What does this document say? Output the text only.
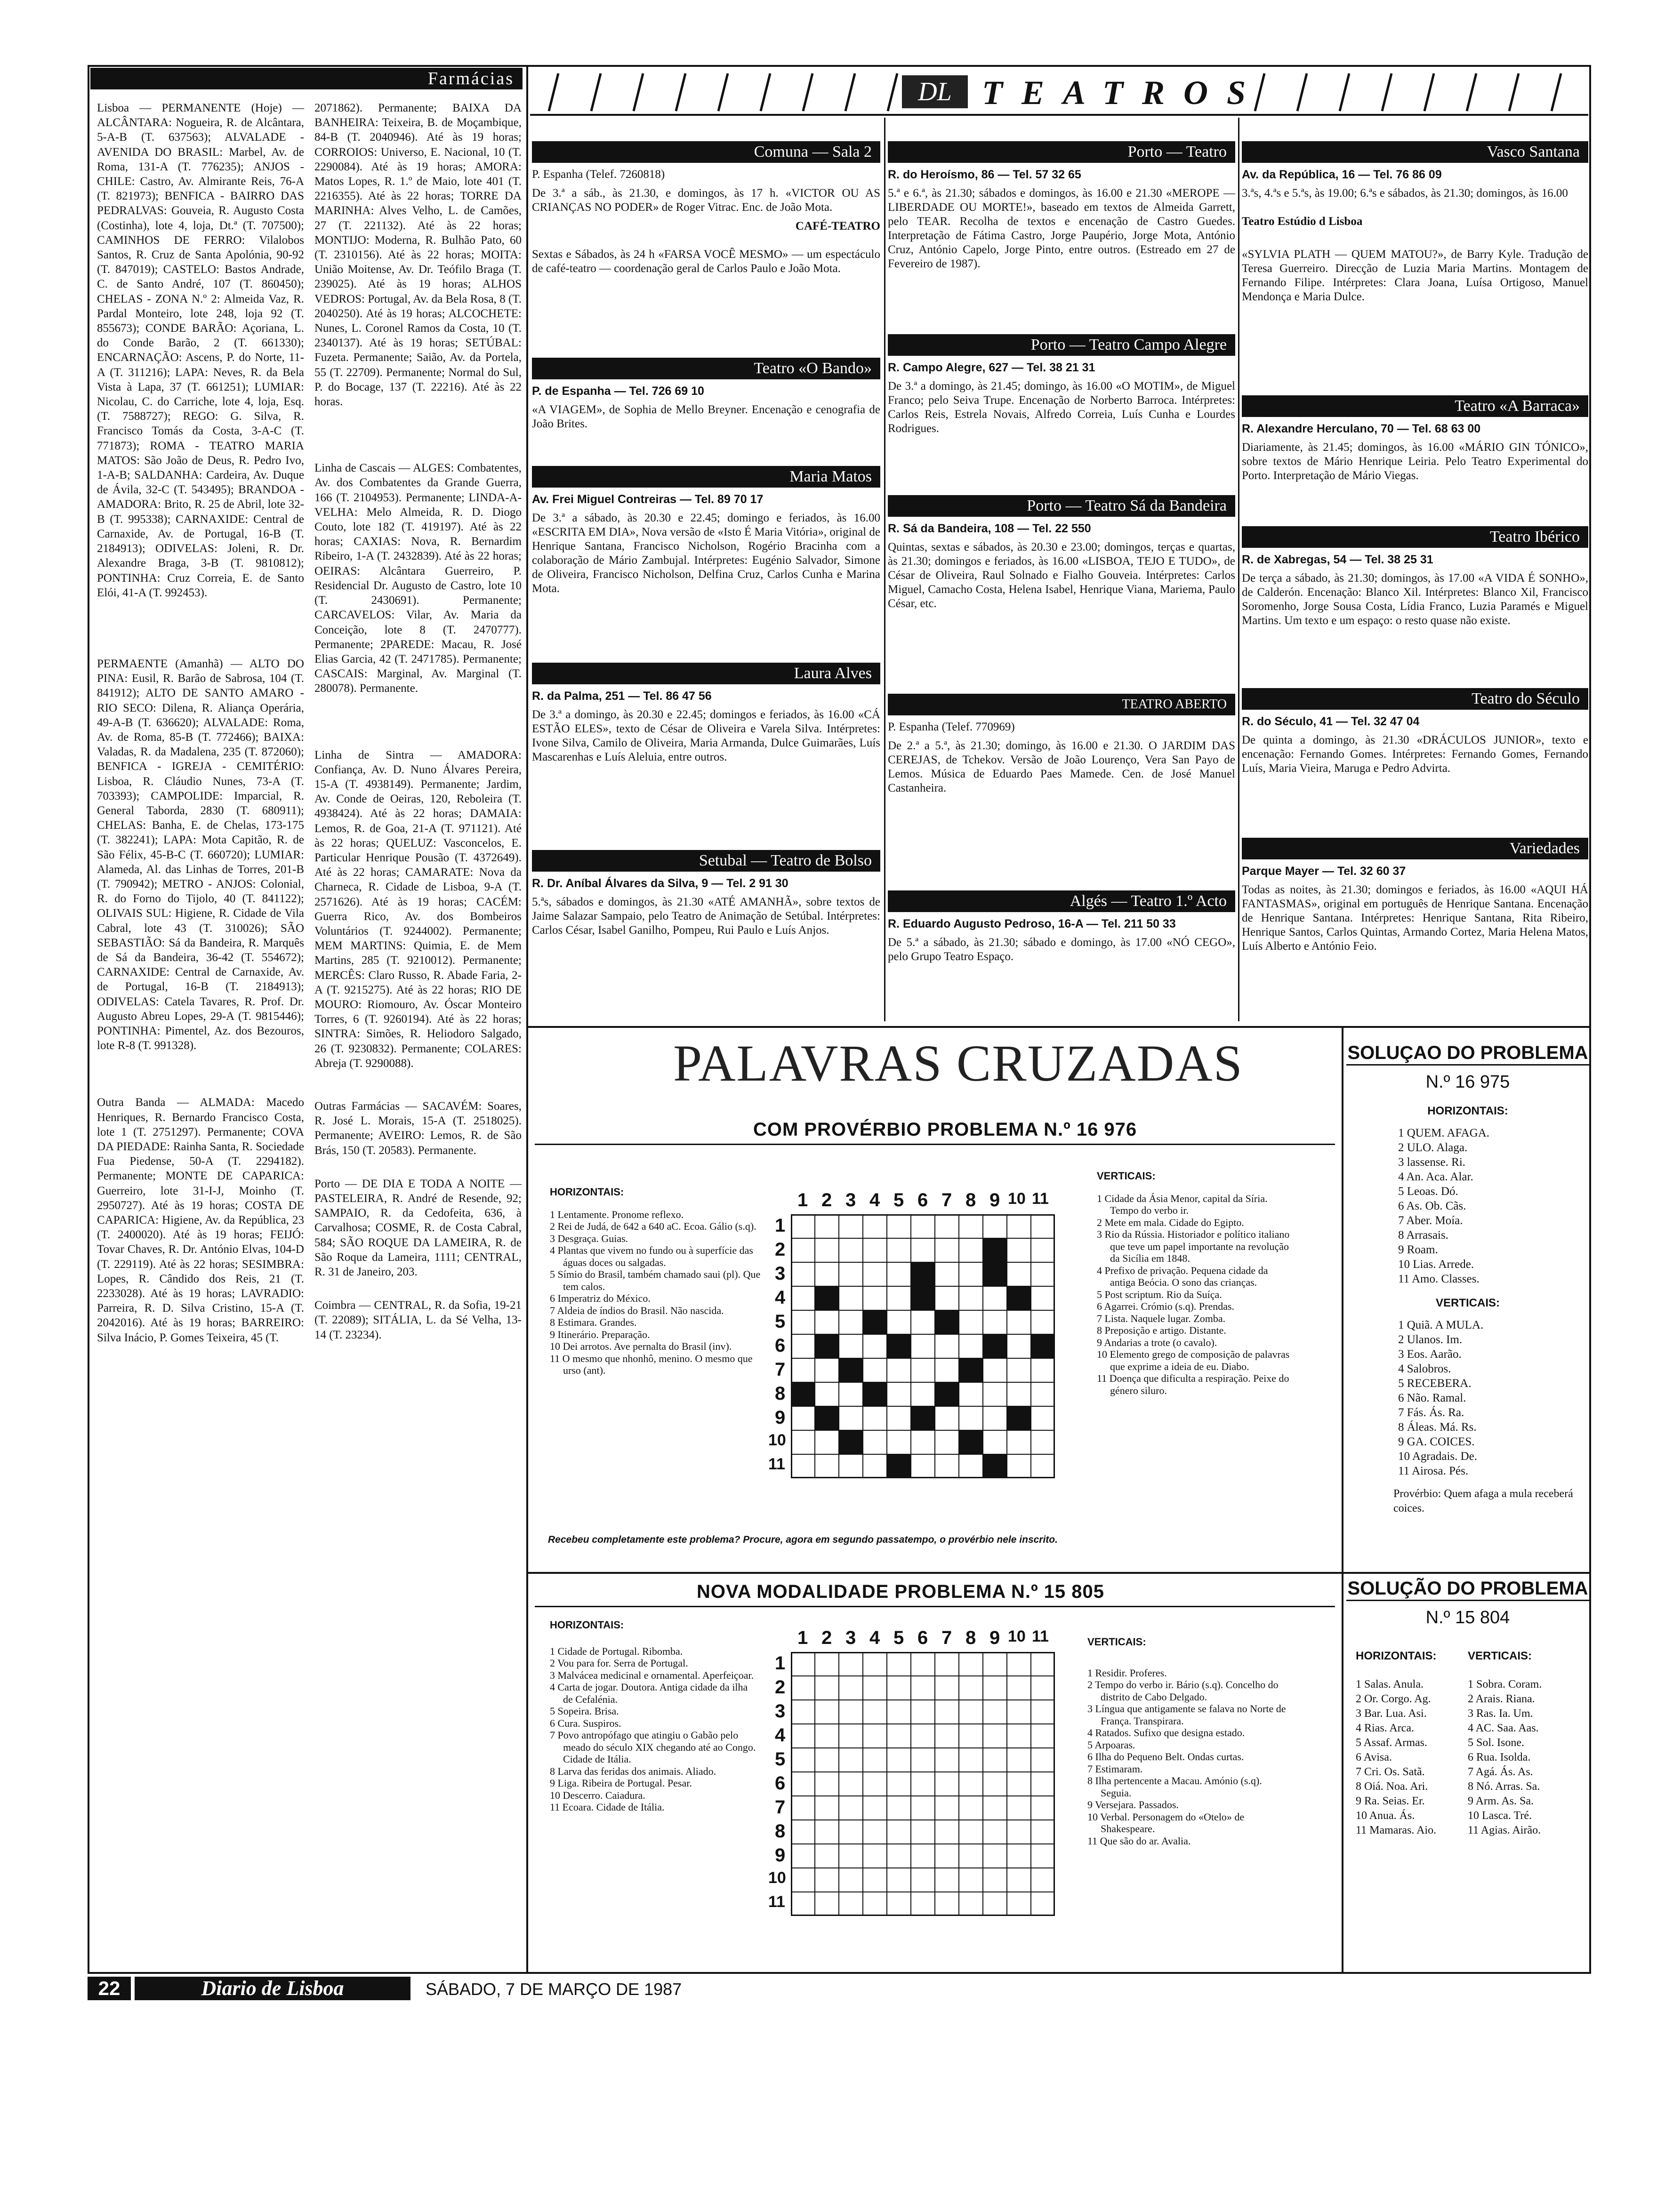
Farmácias

Lisboa — PERMANENTE (Hoje) — ALCÂNTARA: Nogueira, R. de Alcântara, 5-A-B (T. 637563); ALVALADE - AVENIDA DO BRASIL: Marbel, Av. de Roma, 131-A (T. 776235); ANJOS - CHILE: Castro, Av. Almirante Reis, 76-A (T. 821973); BENFICA - BAIRRO DAS PEDRALVAS: Gouveia, R. Augusto Costa (Costinha), lote 4, loja, Dt.ª (T. 707500); CAMINHOS DE FERRO: Vilalobos Santos, R. Cruz de Santa Apolónia, 90-92 (T. 847019); CASTELO: Bastos Andrade, C. de Santo André, 107 (T. 860450); CHELAS - ZONA N.º 2: Almeida Vaz, R. Pardal Monteiro, lote 248, loja 92 (T. 855673); CONDE BARÃO: Açoriana, L. do Conde Barão, 2 (T. 661330); ENCARNAÇÃO: Ascens, P. do Norte, 11-A (T. 311216); LAPA: Neves, R. da Bela Vista à Lapa, 37 (T. 661251); LUMIAR: Nicolau, C. do Carriche, lote 4, loja, Esq. (T. 7588727); REGO: G. Silva, R. Francisco Tomás da Costa, 3-A-C (T. 771873); ROMA - TEATRO MARIA MATOS: São João de Deus, R. Pedro Ivo, 1-A-B; SALDANHA: Cardeira, Av. Duque de Ávila, 32-C (T. 543495); BRANDOA - AMADORA: Brito, R. 25 de Abril, lote 32-B (T. 995338); CARNAXIDE: Central de Carnaxide, Av. de Portugal, 16-B (T. 2184913); ODIVELAS: Joleni, R. Dr. Alexandre Braga, 3-B (T. 9810812); PONTINHA: Cruz Correia, E. de Santo Elói, 41-A (T. 992453).

PERMAENTE (Amanhã) — ALTO DO PINA: Eusil, R. Barão de Sabrosa, 104 (T. 841912); ALTO DE SANTO AMARO - RIO SECO: Dilena, R. Aliança Operária, 49-A-B (T. 636620); ALVALADE: Roma, Av. de Roma, 85-B (T. 772466); BAIXA: Valadas, R. da Madalena, 235 (T. 872060); BENFICA - IGREJA - CEMITÉRIO: Lisboa, R. Cláudio Nunes, 73-A (T. 703393); CAMPOLIDE: Imparcial, R. General Taborda, 2830 (T. 680911); CHELAS: Banha, E. de Chelas, 173-175 (T. 382241); LAPA: Mota Capitão, R. de São Félix, 45-B-C (T. 660720); LUMIAR: Alameda, Al. das Linhas de Torres, 201-B (T. 790942); METRO - ANJOS: Colonial, R. do Forno do Tijolo, 40 (T. 841122); OLIVAIS SUL: Higiene, R. Cidade de Vila Cabral, lote 43 (T. 310026); SÃO SEBASTIÃO: Sá da Bandeira, R. Marquês de Sá da Bandeira, 36-42 (T. 554672); CARNAXIDE: Central de Carnaxide, Av. de Portugal, 16-B (T. 2184913); ODIVELAS: Catela Tavares, R. Prof. Dr. Augusto Abreu Lopes, 29-A (T. 9815446); PONTINHA: Pimentel, Az. dos Bezouros, lote R-8 (T. 991328).

Outra Banda — ALMADA: Macedo Henriques, R. Bernardo Francisco Costa, lote 1 (T. 2751297). Permanente; COVA DA PIEDADE: Rainha Santa, R. Sociedade Fua Piedense, 50-A (T. 2294182). Permanente; MONTE DE CAPARICA: Guerreiro, lote 31-I-J, Moinho (T. 2950727). Até às 19 horas; COSTA DE CAPARICA: Higiene, Av. da República, 23 (T. 2400020). Até às 19 horas; FEIJÓ: Tovar Chaves, R. Dr. António Elvas, 104-D (T. 229119). Até às 22 horas; SESIMBRA: Lopes, R. Cândido dos Reis, 21 (T. 2233028). Até às 19 horas; LAVRADIO: Parreira, R. D. Silva Cristino, 15-A (T. 2042016). Até às 19 horas; BARREIRO: Silva Inácio, P. Gomes Teixeira, 45 (T.

2071862). Permanente; BAIXA DA BANHEIRA: Teixeira, B. de Moçambique, 84-B (T. 2040946). Até às 19 horas; CORROIOS: Universo, E. Nacional, 10 (T. 2290084). Até às 19 horas; AMORA: Matos Lopes, R. 1.º de Maio, lote 401 (T. 2216355). Até às 22 horas; TORRE DA MARINHA: Alves Velho, L. de Camões, 27 (T. 221132). Até às 22 horas; MONTIJO: Moderna, R. Bulhão Pato, 60 (T. 2310156). Até às 22 horas; MOITA: União Moitense, Av. Dr. Teófilo Braga (T. 239025). Até às 19 horas; ALHOS VEDROS: Portugal, Av. da Bela Rosa, 8 (T. 2040250). Até às 19 horas; ALCOCHETE: Nunes, L. Coronel Ramos da Costa, 10 (T. 2340137). Até às 19 horas; SETÚBAL: Fuzeta. Permanente; Saião, Av. da Portela, 55 (T. 22709). Permanente; Normal do Sul, P. do Bocage, 137 (T. 22216). Até às 22 horas.

Linha de Cascais — ALGES: Combatentes, Av. dos Combatentes da Grande Guerra, 166 (T. 2104953). Permanente; LINDA-A-VELHA: Melo Almeida, R. D. Diogo Couto, lote 182 (T. 419197). Até às 22 horas; CAXIAS: Nova, R. Bernardim Ribeiro, 1-A (T. 2432839). Até às 22 horas; OEIRAS: Alcântara Guerreiro, P. Residencial Dr. Augusto de Castro, lote 10 (T. 2430691). Permanente; CARCAVELOS: Vilar, Av. Maria da Conceição, lote 8 (T. 2470777). Permanente; 2PAREDE: Macau, R. José Elias Garcia, 42 (T. 2471785). Permanente; CASCAIS: Marginal, Av. Marginal (T. 280078). Permanente.

Linha de Sintra — AMADORA: Confiança, Av. D. Nuno Álvares Pereira, 15-A (T. 4938149). Permanente; Jardim, Av. Conde de Oeiras, 120, Reboleira (T. 4938424). Até às 22 horas; DAMAIA: Lemos, R. de Goa, 21-A (T. 971121). Até às 22 horas; QUELUZ: Vasconcelos, E. Particular Henrique Pousão (T. 4372649). Até às 22 horas; CAMARATE: Nova da Charneca, R. Cidade de Lisboa, 9-A (T. 2571626). Até às 19 horas; CACÉM: Guerra Rico, Av. dos Bombeiros Voluntários (T. 9244002). Permanente; MEM MARTINS: Quimia, E. de Mem Martins, 285 (T. 9210012). Permanente; MERCÊS: Claro Russo, R. Abade Faria, 2-A (T. 9215275). Até às 22 horas; RIO DE MOURO: Riomouro, Av. Óscar Monteiro Torres, 6 (T. 9260194). Até às 22 horas; SINTRA: Simões, R. Heliodoro Salgado, 26 (T. 9230832). Permanente; COLARES: Abreja (T. 9290088).

Outras Farmácias — SACAVÉM: Soares, R. José L. Morais, 15-A (T. 2518025). Permanente; AVEIRO: Lemos, R. de São Brás, 150 (T. 20583). Permanente.

Porto — DE DIA E TODA A NOITE — PASTELEIRA, R. André de Resende, 92; SAMPAIO, R. da Cedofeita, 636, à Carvalhosa; COSME, R. de Costa Cabral, 584; SÃO ROQUE DA LAMEIRA, R. de São Roque da Lameira, 1111; CENTRAL, R. 31 de Janeiro, 203.

Coimbra — CENTRAL, R. da Sofia, 19-21 (T. 22089); SITÁLIA, L. da Sé Velha, 13-14 (T. 23234).

DL TEATROS
Comuna — Sala 2
P. Espanha (Telef. 7260818)
De 3.ª a sáb., às 21.30, e domingos, às 17 h. «VICTOR OU AS CRIANÇAS NO PODER» de Roger Vitrac. Enc. de João Mota.
CAFÉ-TEATRO
Sextas e Sábados, às 24 h «FARSA VOCÊ MESMO» — um espectáculo de café-teatro — coordenação geral de Carlos Paulo e João Mota.
Teatro «O Bando»
P. de Espanha — Tel. 726 69 10
«A VIAGEM», de Sophia de Mello Breyner. Encenação e cenografia de João Brites.
Maria Matos
Av. Frei Miguel Contreiras — Tel. 89 70 17
De 3.ª a sábado, às 20.30 e 22.45; domingo e feriados, às 16.00 «ESCRITA EM DIA», Nova versão de «Isto É Maria Vitória», original de Henrique Santana, Francisco Nicholson, Rogério Bracinha com a colaboração de Mário Zambujal. Intérpretes: Eugénio Salvador, Simone de Oliveira, Francisco Nicholson, Delfina Cruz, Carlos Cunha e Marina Mota.
Laura Alves
R. da Palma, 251 — Tel. 86 47 56
De 3.ª a domingo, às 20.30 e 22.45; domingos e feriados, às 16.00 «CÁ ESTÃO ELES», texto de César de Oliveira e Varela Silva. Intérpretes: Ivone Silva, Camilo de Oliveira, Maria Armanda, Dulce Guimarães, Luís Mascarenhas e Luís Aleluia, entre outros.
Setubal — Teatro de Bolso
R. Dr. Aníbal Álvares da Silva, 9 — Tel. 2 91 30
5.ªs, sábados e domingos, às 21.30 «ATÉ AMANHÃ», sobre textos de Jaime Salazar Sampaio, pelo Teatro de Animação de Setúbal. Intérpretes: Carlos César, Isabel Ganilho, Pompeu, Rui Paulo e Luís Anjos.
Porto — Teatro
R. do Heroísmo, 86 — Tel. 57 32 65
5.ª e 6.ª, às 21.30; sábados e domingos, às 16.00 e 21.30 «MEROPE — LIBERDADE OU MORTE!», baseado em textos de Almeida Garrett, pelo TEAR. Recolha de textos e encenação de Castro Guedes. Interpretação de Fátima Castro, Jorge Paupério, Jorge Mota, António Cruz, António Capelo, Jorge Pinto, entre outros. (Estreado em 27 de Fevereiro de 1987).
Porto — Teatro Campo Alegre
R. Campo Alegre, 627 — Tel. 38 21 31
De 3.ª a domingo, às 21.45; domingo, às 16.00 «O MOTIM», de Miguel Franco; pelo Seiva Trupe. Encenação de Norberto Barroca. Intérpretes: Carlos Reis, Estrela Novais, Alfredo Correia, Luís Cunha e Lourdes Rodrigues.
Porto — Teatro Sá da Bandeira
R. Sá da Bandeira, 108 — Tel. 22 550
Quintas, sextas e sábados, às 20.30 e 23.00; domingos, terças e quartas, às 21.30; domingos e feriados, às 16.00 «LISBOA, TEJO E TUDO», de César de Oliveira, Raul Solnado e Fialho Gouveia. Intérpretes: Carlos Miguel, Camacho Costa, Helena Isabel, Henrique Viana, Mariema, Paulo César, etc.
TEATRO ABERTO
P. Espanha (Telef. 770969)
De 2.ª a 5.ª, às 21.30; domingo, às 16.00 e 21.30. O JARDIM DAS CEREJAS, de Tchekov. Versão de João Lourenço, Vera San Payo de Lemos. Música de Eduardo Paes Mamede. Cen. de José Manuel Castanheira.
Algés — Teatro 1.º Acto
R. Eduardo Augusto Pedroso, 16-A — Tel. 211 50 33
De 5.ª a sábado, às 21.30; sábado e domingo, às 17.00 «NÓ CEGO», pelo Grupo Teatro Espaço.
Vasco Santana
Av. da República, 16 — Tel. 76 86 09
3.ªs, 4.ªs e 5.ªs, às 19.00; 6.ªs e sábados, às 21.30; domingos, às 16.00
Teatro Estúdio d Lisboa
«SYLVIA PLATH — QUEM MATOU?», de Barry Kyle. Tradução de Teresa Guerreiro. Direcção de Luzia Maria Martins. Montagem de Fernando Filipe. Intérpretes: Clara Joana, Luísa Ortigoso, Manuel Mendonça e Maria Dulce.
Teatro «A Barraca»
R. Alexandre Herculano, 70 — Tel. 68 63 00
Diariamente, às 21.45; domingos, às 16.00 «MÁRIO GIN TÓNICO», sobre textos de Mário Henrique Leiria. Pelo Teatro Experimental do Porto. Interpretação de Mário Viegas.
Teatro Ibérico
R. de Xabregas, 54 — Tel. 38 25 31
De terça a sábado, às 21.30; domingos, às 17.00 «A VIDA É SONHO», de Calderón. Encenação: Blanco Xil. Intérpretes: Blanco Xil, Francisco Soromenho, Jorge Sousa Costa, Lídia Franco, Luzia Paramés e Miguel Martins. Um texto e um espaço: o resto quase não existe.
Teatro do Século
R. do Século, 41 — Tel. 32 47 04
De quinta a domingo, às 21.30 «DRÁCULOS JUNIOR», texto e encenação: Fernando Gomes. Intérpretes: Fernando Gomes, Fernando Luís, Maria Vieira, Maruga e Pedro Advirta.
Variedades
Parque Mayer — Tel. 32 60 37
Todas as noites, às 21.30; domingos e feriados, às 16.00 «AQUI HÁ FANTASMAS», original em português de Henrique Santana. Encenação de Henrique Santana. Intérpretes: Henrique Santana, Rita Ribeiro, Henrique Santos, Carlos Quintas, Armando Cortez, Maria Helena Matos, Luís Alberto e António Feio.
PALAVRAS CRUZADAS
COM PROVÉRBIO PROBLEMA N.º 16 976
HORIZONTAIS:
1 Lentamente. Pronome reflexo.
2 Rei de Judá, de 642 a 640 aC. Ecoa. Gálio (s.q).
3 Desgraça. Guias.
4 Plantas que vivem no fundo ou à superfície das águas doces ou salgadas.
5 Símio do Brasil, também chamado saui (pl). Que tem calos.
6 Imperatriz do México.
7 Aldeia de índios do Brasil. Não nascida.
8 Estimara. Grandes.
9 Itinerário. Preparação.
10 Dei arrotos. Ave pernalta do Brasil (inv).
11 O mesmo que nhonhô, menino. O mesmo que urso (ant).
1 2 3 4 5 6 7 8 9 10 11
1
2
3
4
5
6
7
8
9
10
11
VERTICAIS:
1 Cidade da Ásia Menor, capital da Síria. Tempo do verbo ir.
2 Mete em mala. Cidade do Egipto.
3 Rio da Rússia. Historiador e político italiano que teve um papel importante na revolução da Sicília em 1848.
4 Prefixo de privação. Pequena cidade da antiga Beócia. O sono das crianças.
5 Post scriptum. Rio da Suíça.
6 Agarrei. Crómio (s.q). Prendas.
7 Lista. Naquele lugar. Zomba.
8 Preposição e artigo. Distante.
9 Andarias a trote (o cavalo).
10 Elemento grego de composição de palavras que exprime a ideia de eu. Diabo.
11 Doença que dificulta a respiração. Peixe do género siluro.
Recebeu completamente este problema? Procure, agora em segundo passatempo, o provérbio nele inscrito.
SOLUÇAO DO PROBLEMA
N.º 16 975
HORIZONTAIS:
1 QUEM. AFAGA.
2 ULO. Alaga.
3 lassense. Ri.
4 An. Aca. Alar.
5 Leoas. Dó.
6 As. Ob. Cãs.
7 Aber. Moía.
8 Arrasais.
9 Roam.
10 Lias. Arrede.
11 Amo. Classes.
VERTICAIS:
1 Quiã. A MULA.
2 Ulanos. Im.
3 Eos. Aarão.
4 Salobros.
5 RECEBERA.
6 Não. Ramal.
7 Fás. Ás. Ra.
8 Áleas. Má. Rs.
9 GA. COICES.
10 Agradais. De.
11 Airosa. Pés.
Provérbio: Quem afaga a mula receberá coices.
NOVA MODALIDADE PROBLEMA N.º 15 805
HORIZONTAIS:
1 Cidade de Portugal. Ribomba.
2 Vou para for. Serra de Portugal.
3 Malvácea medicinal e ornamental. Aperfeiçoar.
4 Carta de jogar. Doutora. Antiga cidade da ilha de Cefalénia.
5 Sopeira. Brisa.
6 Cura. Suspiros.
7 Povo antropófago que atingiu o Gabão pelo meado do século XIX chegando até ao Congo. Cidade de Itália.
8 Larva das feridas dos animais. Aliado.
9 Liga. Ribeira de Portugal. Pesar.
10 Descerro. Caiadura.
11 Ecoara. Cidade de Itália.
1 2 3 4 5 6 7 8 9 10 11
1
2
3
4
5
6
7
8
9
10
11
VERTICAIS:
1 Residir. Proferes.
2 Tempo do verbo ir. Bário (s.q). Concelho do distrito de Cabo Delgado.
3 Língua que antigamente se falava no Norte de França. Transpirara.
4 Ratados. Sufixo que designa estado.
5 Arpoaras.
6 Ilha do Pequeno Belt. Ondas curtas.
7 Estimaram.
8 Ilha pertencente a Macau. Amónio (s.q). Seguia.
9 Versejara. Passados.
10 Verbal. Personagem do «Otelo» de Shakespeare.
11 Que são do ar. Avalia.
SOLUÇÃO DO PROBLEMA
N.º 15 804
HORIZONTAIS:
1 Salas. Anula.
2 Or. Corgo. Ag.
3 Bar. Lua. Asi.
4 Rias. Arca.
5 Assaf. Armas.
6 Avisa.
7 Cri. Os. Satã.
8 Oiá. Noa. Ari.
9 Ra. Seias. Er.
10 Anua. Ás.
11 Mamaras. Aio.
VERTICAIS:
1 Sobra. Coram.
2 Arais. Riana.
3 Ras. Ia. Um.
4 AC. Saa. Aas.
5 Sol. Isone.
6 Rua. Isolda.
7 Agá. Ás. As.
8 Nó. Arras. Sa.
9 Arm. As. Sa.
10 Lasca. Tré.
11 Agias. Airão.
22	Diario de Lisboa	SÁBADO, 7 DE MARÇO DE 1987
